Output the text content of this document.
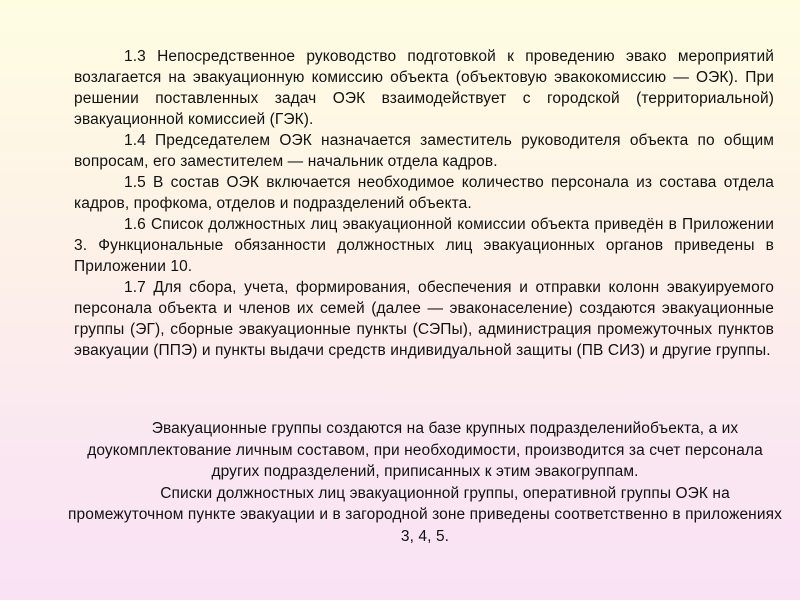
1.3 Непосредственное руководство подготовкой к проведению эвако мероприятий возлагается на эвакуационную комиссию объекта (объектовую эвакокомиссию — ОЭК). При решении поставленных задач ОЭК взаимодействует с городской (территориальной) эвакуационной комиссией (ГЭК).

1.4 Председателем ОЭК назначается заместитель руководителя объекта по общим вопросам, его заместителем — начальник отдела кадров.

1.5 В состав ОЭК включается необходимое количество персонала из состава отдела кадров, профкома, отделов и подразделений объекта.

1.6 Список должностных лиц эвакуационной комиссии объекта приведён в Приложении 3. Функциональные обязанности должностных лиц эвакуационных органов приведены в Приложении 10.

1.7 Для сбора, учета, формирования, обеспечения и отправки колонн эвакуируемого персонала объекта и членов их семей (далее — эваконаселение) создаются эвакуационные группы (ЭГ), сборные эвакуационные пункты (СЭПы), администрация промежуточных пунктов эвакуации (ППЭ) и пункты выдачи средств индивидуальной защиты (ПВ СИЗ) и другие группы.

Эвакуационные группы создаются на базе крупных подразделенийобъекта, а их доукомплектование личным составом, при необходимости, производится за счет персонала других подразделений, приписанных к этим эвакогруппам.

Списки должностных лиц эвакуационной группы, оперативной группы ОЭК на промежуточном пункте эвакуации и в загородной зоне приведены соответственно в приложениях 3, 4, 5.
